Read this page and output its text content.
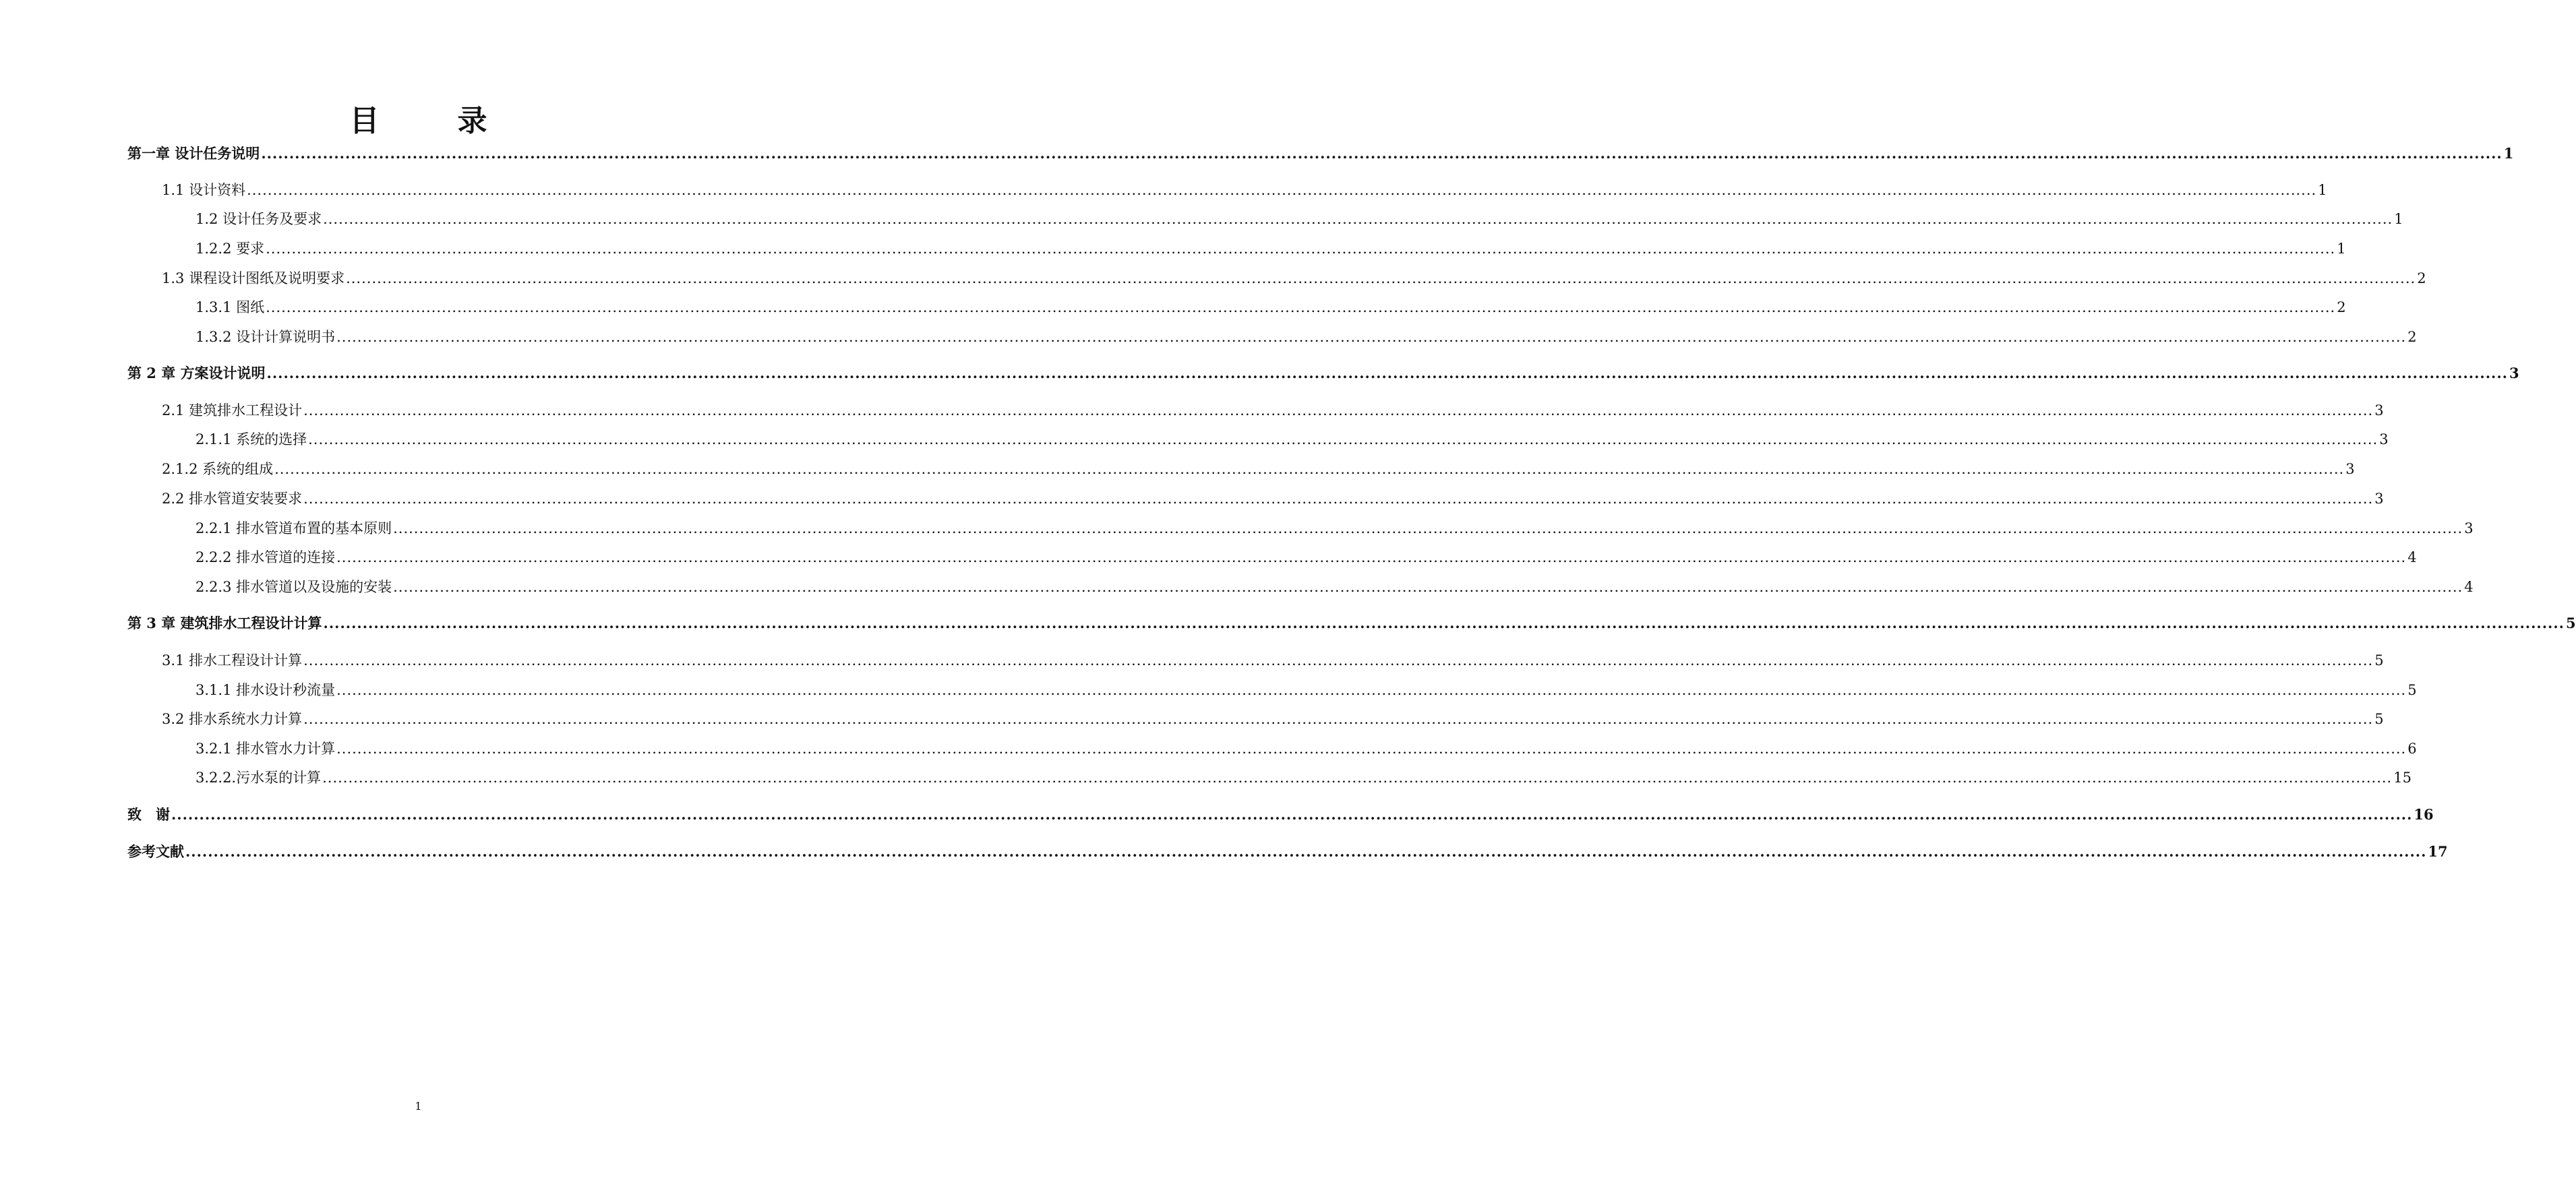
目　录
第一章 设计任务说明 ................................................................................................................................................................................................................................................................................................................................................................................................................ 1
1.1 设计资料 ................................................................................................................................................................................................................................................................................................................................................................................................................ 1
1.2 设计任务及要求 ................................................................................................................................................................................................................................................................................................................................................................................................................ 1
1.2.2 要求 ................................................................................................................................................................................................................................................................................................................................................................................................................ 1
1.3 课程设计图纸及说明要求 ................................................................................................................................................................................................................................................................................................................................................................................................................ 2
1.3.1 图纸 ................................................................................................................................................................................................................................................................................................................................................................................................................ 2
1.3.2 设计计算说明书 ................................................................................................................................................................................................................................................................................................................................................................................................................ 2
第 2 章 方案设计说明 ................................................................................................................................................................................................................................................................................................................................................................................................................ 3
2.1 建筑排水工程设计 ................................................................................................................................................................................................................................................................................................................................................................................................................ 3
2.1.1 系统的选择 ................................................................................................................................................................................................................................................................................................................................................................................................................ 3
2.1.2 系统的组成 ................................................................................................................................................................................................................................................................................................................................................................................................................ 3
2.2 排水管道安装要求 ................................................................................................................................................................................................................................................................................................................................................................................................................ 3
2.2.1 排水管道布置的基本原则 ................................................................................................................................................................................................................................................................................................................................................................................................................ 3
2.2.2 排水管道的连接 ................................................................................................................................................................................................................................................................................................................................................................................................................ 4
2.2.3 排水管道以及设施的安装 ................................................................................................................................................................................................................................................................................................................................................................................................................ 4
第 3 章 建筑排水工程设计计算 ................................................................................................................................................................................................................................................................................................................................................................................................................ 5
3.1 排水工程设计计算 ................................................................................................................................................................................................................................................................................................................................................................................................................ 5
3.1.1 排水设计秒流量 ................................................................................................................................................................................................................................................................................................................................................................................................................ 5
3.2 排水系统水力计算 ................................................................................................................................................................................................................................................................................................................................................................................................................ 5
3.2.1 排水管水力计算 ................................................................................................................................................................................................................................................................................................................................................................................................................ 6
3.2.2.污水泵的计算 ................................................................................................................................................................................................................................................................................................................................................................................................................ 15
致　谢 ................................................................................................................................................................................................................................................................................................................................................................................................................ 16
参考文献 ................................................................................................................................................................................................................................................................................................................................................................................................................ 17
1
